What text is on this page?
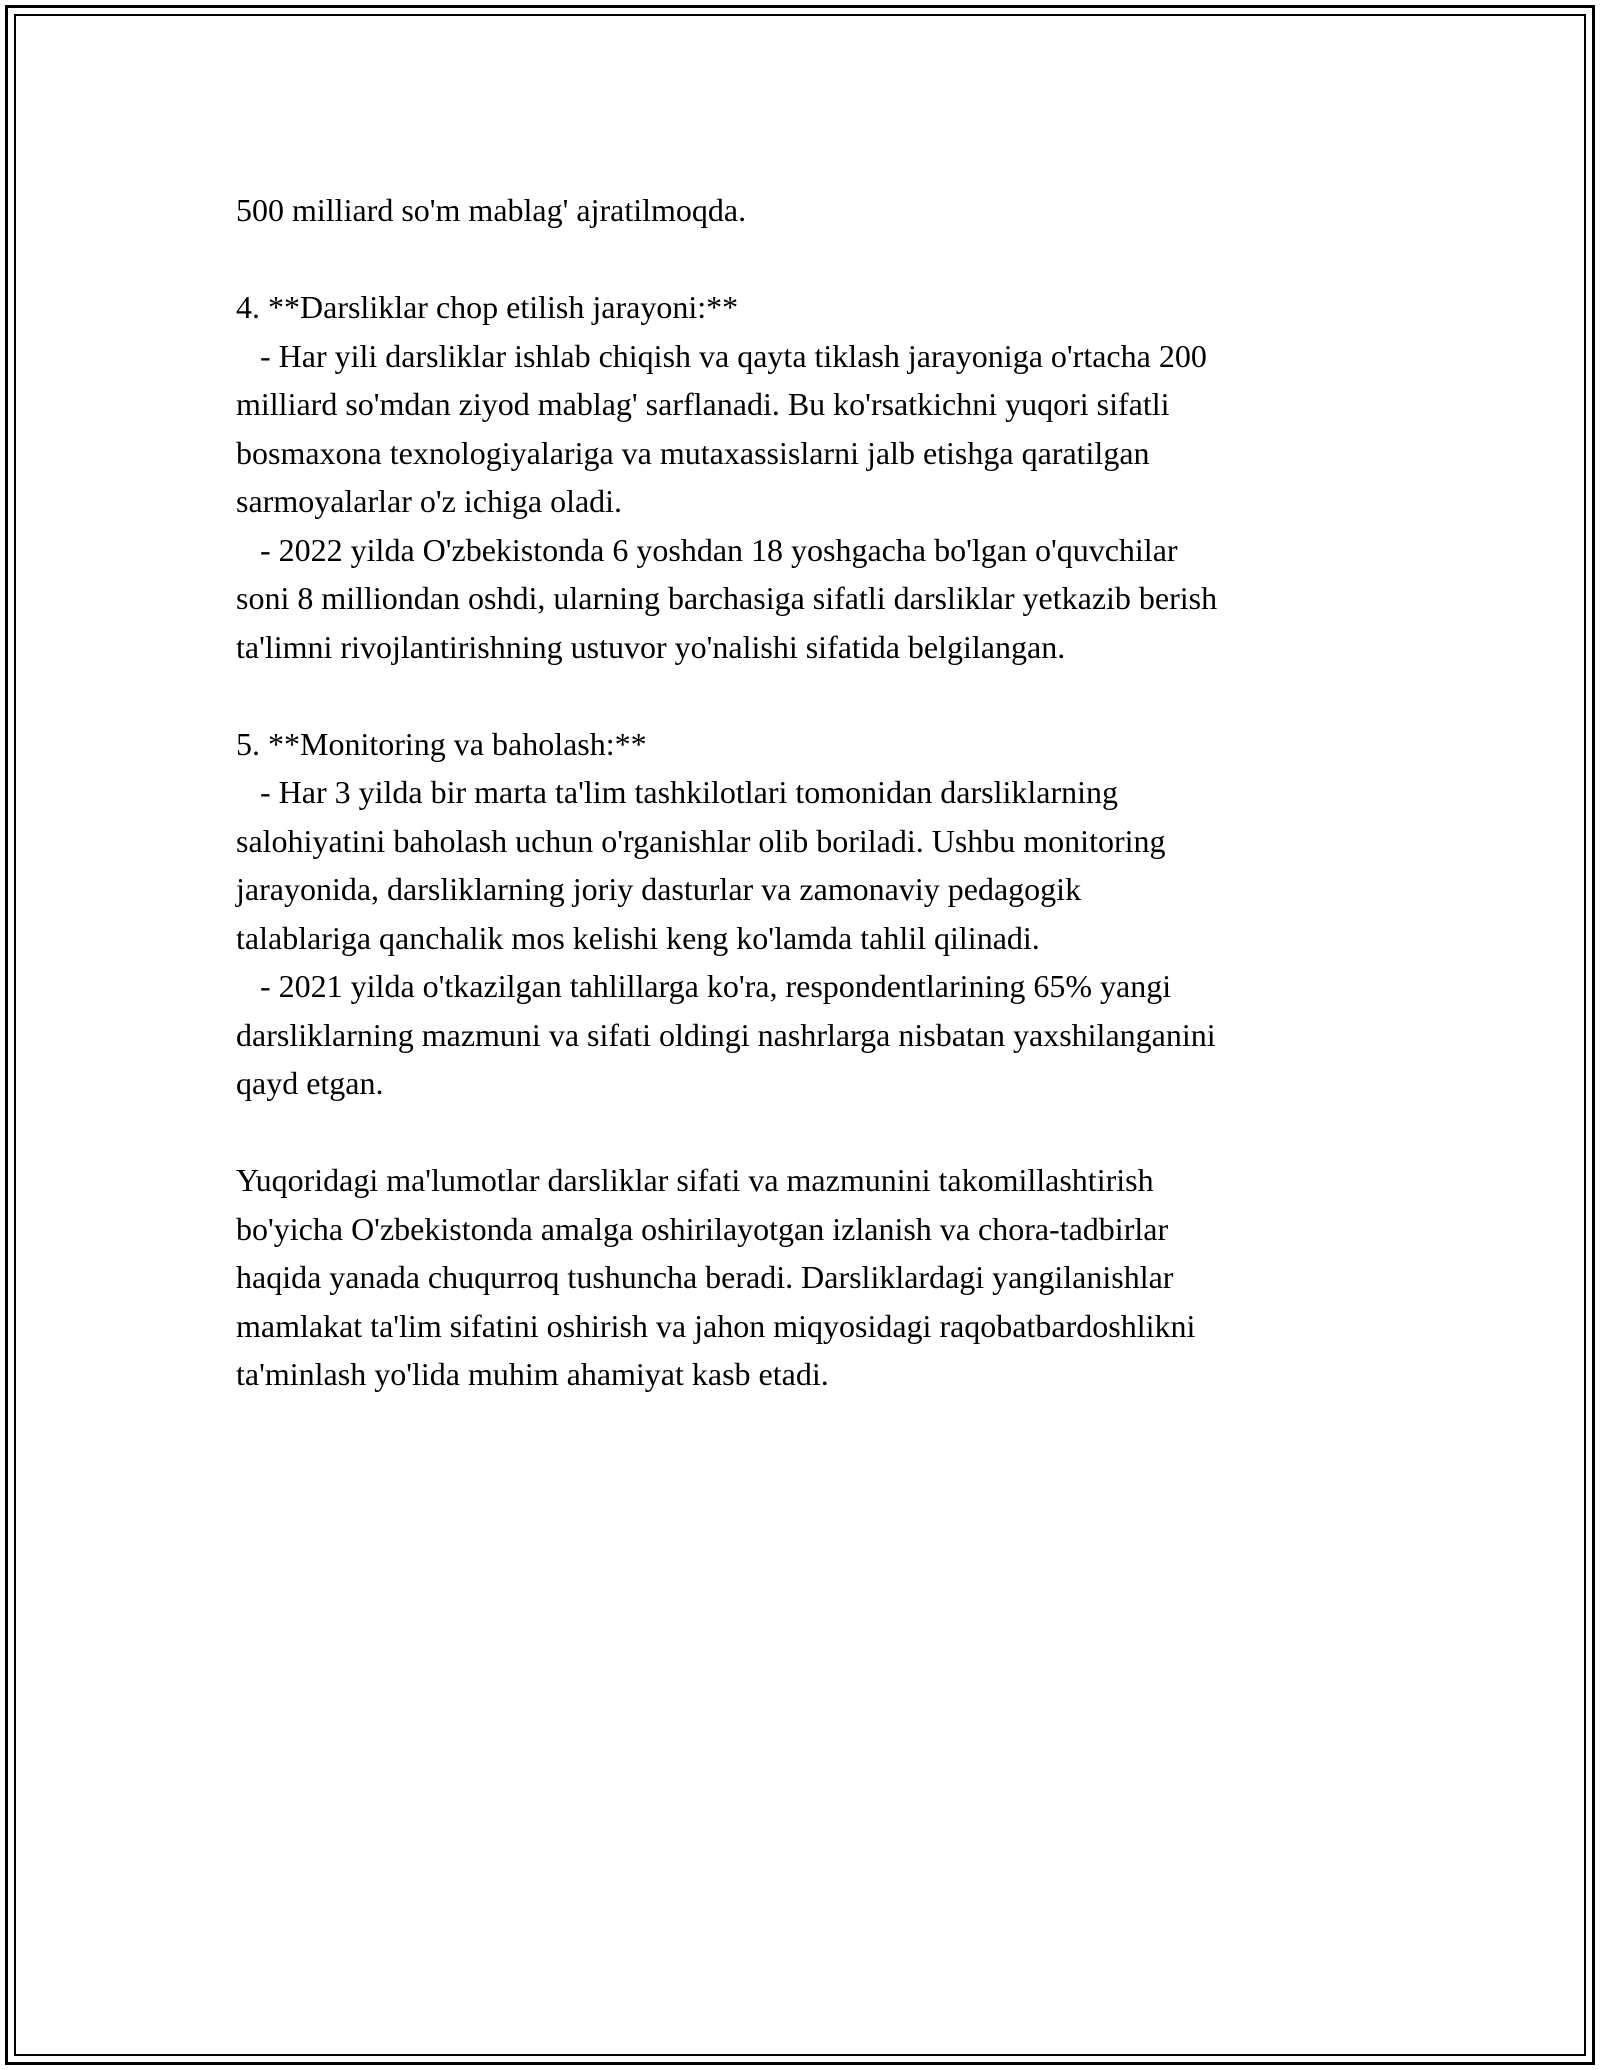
500 milliard so'm mablag' ajratilmoqda.
4. **Darsliklar chop etilish jarayoni:**
- Har yili darsliklar ishlab chiqish va qayta tiklash jarayoniga o'rtacha 200
milliard so'mdan ziyod mablag' sarflanadi. Bu ko'rsatkichni yuqori sifatli
bosmaxona texnologiyalariga va mutaxassislarni jalb etishga qaratilgan
sarmoyalarlar o'z ichiga oladi.
- 2022 yilda O'zbekistonda 6 yoshdan 18 yoshgacha bo'lgan o'quvchilar
soni 8 milliondan oshdi, ularning barchasiga sifatli darsliklar yetkazib berish
ta'limni rivojlantirishning ustuvor yo'nalishi sifatida belgilangan.
5. **Monitoring va baholash:**
- Har 3 yilda bir marta ta'lim tashkilotlari tomonidan darsliklarning
salohiyatini baholash uchun o'rganishlar olib boriladi. Ushbu monitoring
jarayonida, darsliklarning joriy dasturlar va zamonaviy pedagogik
talablariga qanchalik mos kelishi keng ko'lamda tahlil qilinadi.
- 2021 yilda o'tkazilgan tahlillarga ko'ra, respondentlarining 65% yangi
darsliklarning mazmuni va sifati oldingi nashrlarga nisbatan yaxshilanganini
qayd etgan.
Yuqoridagi ma'lumotlar darsliklar sifati va mazmunini takomillashtirish
bo'yicha O'zbekistonda amalga oshirilayotgan izlanish va chora-tadbirlar
haqida yanada chuqurroq tushuncha beradi. Darsliklardagi yangilanishlar
mamlakat ta'lim sifatini oshirish va jahon miqyosidagi raqobatbardoshlikni
ta'minlash yo'lida muhim ahamiyat kasb etadi.
